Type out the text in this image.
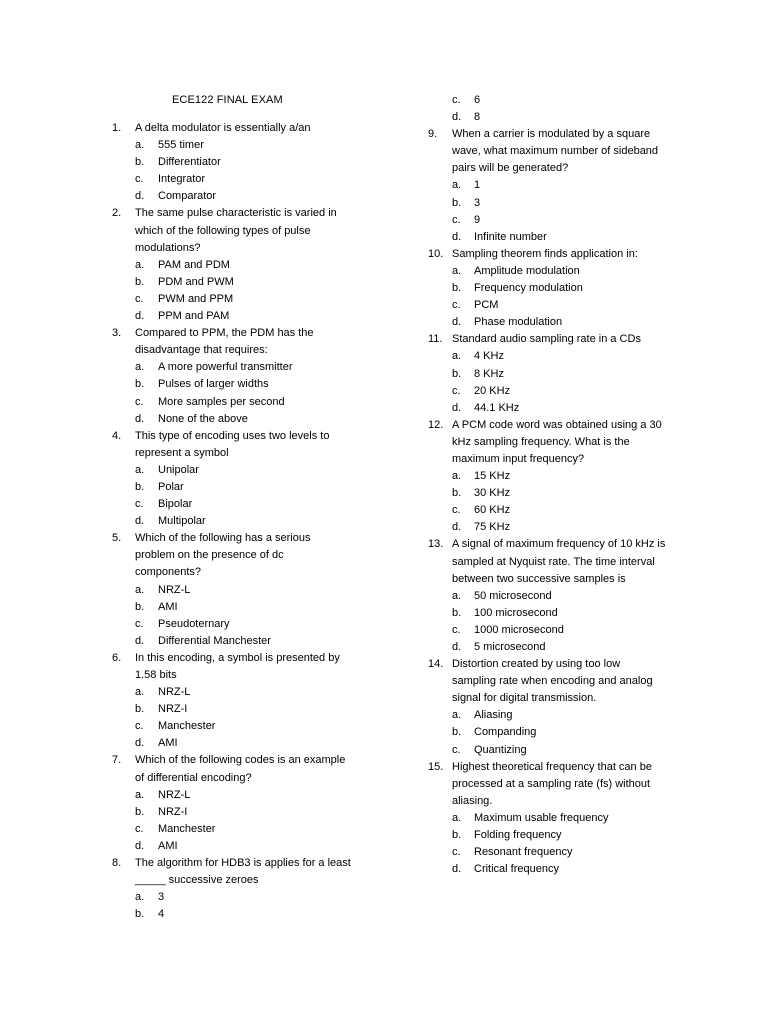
ECE122 FINAL EXAM
1. A delta modulator is essentially a/an
a. 555 timer
b. Differentiator
c. Integrator
d. Comparator
2. The same pulse characteristic is varied in
which of the following types of pulse
modulations?
a. PAM and PDM
b. PDM and PWM
c. PWM and PPM
d. PPM and PAM
3. Compared to PPM, the PDM has the
disadvantage that requires:
a. A more powerful transmitter
b. Pulses of larger widths
c. More samples per second
d. None of the above
4. This type of encoding uses two levels to
represent a symbol
a. Unipolar
b. Polar
c. Bipolar
d. Multipolar
5. Which of the following has a serious
problem on the presence of dc
components?
a. NRZ-L
b. AMI
c. Pseudoternary
d. Differential Manchester
6. In this encoding, a symbol is presented by
1.58 bits
a. NRZ-L
b. NRZ-I
c. Manchester
d. AMI
7. Which of the following codes is an example
of differential encoding?
a. NRZ-L
b. NRZ-I
c. Manchester
d. AMI
8. The algorithm for HDB3 is applies for a least
_____ successive zeroes
a. 3
b. 4
c. 6
d. 8
9. When a carrier is modulated by a square
wave, what maximum number of sideband
pairs will be generated?
a. 1
b. 3
c. 9
d. Infinite number
10. Sampling theorem finds application in:
a. Amplitude modulation
b. Frequency modulation
c. PCM
d. Phase modulation
11. Standard audio sampling rate in a CDs
a. 4 KHz
b. 8 KHz
c. 20 KHz
d. 44.1 KHz
12. A PCM code word was obtained using a 30
kHz sampling frequency. What is the
maximum input frequency?
a. 15 KHz
b. 30 KHz
c. 60 KHz
d. 75 KHz
13. A signal of maximum frequency of 10 kHz is
sampled at Nyquist rate. The time interval
between two successive samples is
a. 50 microsecond
b. 100 microsecond
c. 1000 microsecond
d. 5 microsecond
14. Distortion created by using too low
sampling rate when encoding and analog
signal for digital transmission.
a. Aliasing
b. Companding
c. Quantizing
15. Highest theoretical frequency that can be
processed at a sampling rate (fs) without
aliasing.
a. Maximum usable frequency
b. Folding frequency
c. Resonant frequency
d. Critical frequency
